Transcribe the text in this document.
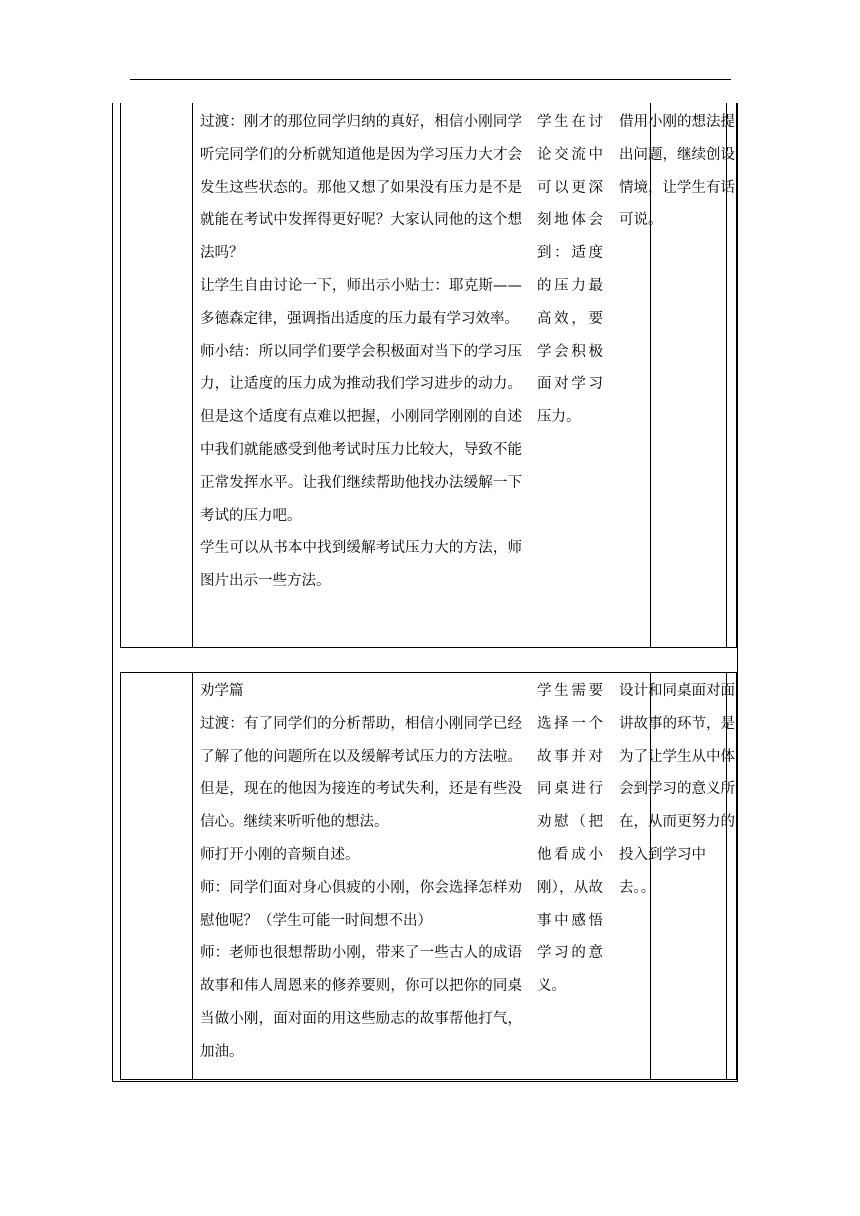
过渡：刚才的那位同学归纳的真好，相信小刚同学听完同学们的分析就知道他是因为学习压力大才会发生这些状态的。那他又想了如果没有压力是不是就能在考试中发挥得更好呢？大家认同他的这个想法吗？

让学生自由讨论一下，师出示小贴士：耶克斯——多德森定律，强调指出适度的压力最有学习效率。

师小结：所以同学们要学会积极面对当下的学习压力，让适度的压力成为推动我们学习进步的动力。但是这个适度有点难以把握，小刚同学刚刚的自述中我们就能感受到他考试时压力比较大，导致不能正常发挥水平。让我们继续帮助他找办法缓解一下考试的压力吧。

学生可以从书本中找到缓解考试压力大的方法，师图片出示一些方法。

学生在讨论交流中可以更深刻地体会到：适度的压力最高效，要学会积极面对学习压力。

借用小刚的想法提出问题，继续创设情境，让学生有话可说。

劝学篇

过渡：有了同学们的分析帮助，相信小刚同学已经了解了他的问题所在以及缓解考试压力的方法啦。但是，现在的他因为接连的考试失利，还是有些没信心。继续来听听他的想法。

师打开小刚的音频自述。

师：同学们面对身心俱疲的小刚，你会选择怎样劝慰他呢？（学生可能一时间想不出）

师：老师也很想帮助小刚，带来了一些古人的成语故事和伟人周恩来的修养要则，你可以把你的同桌当做小刚，面对面的用这些励志的故事帮他打气，加油。

学生需要选择一个故事并对同桌进行劝慰（把他看成小刚），从故事中感悟学习的意义。

设计和同桌面对面讲故事的环节，是为了让学生从中体会到学习的意义所在，从而更努力的投入到学习中去。。
